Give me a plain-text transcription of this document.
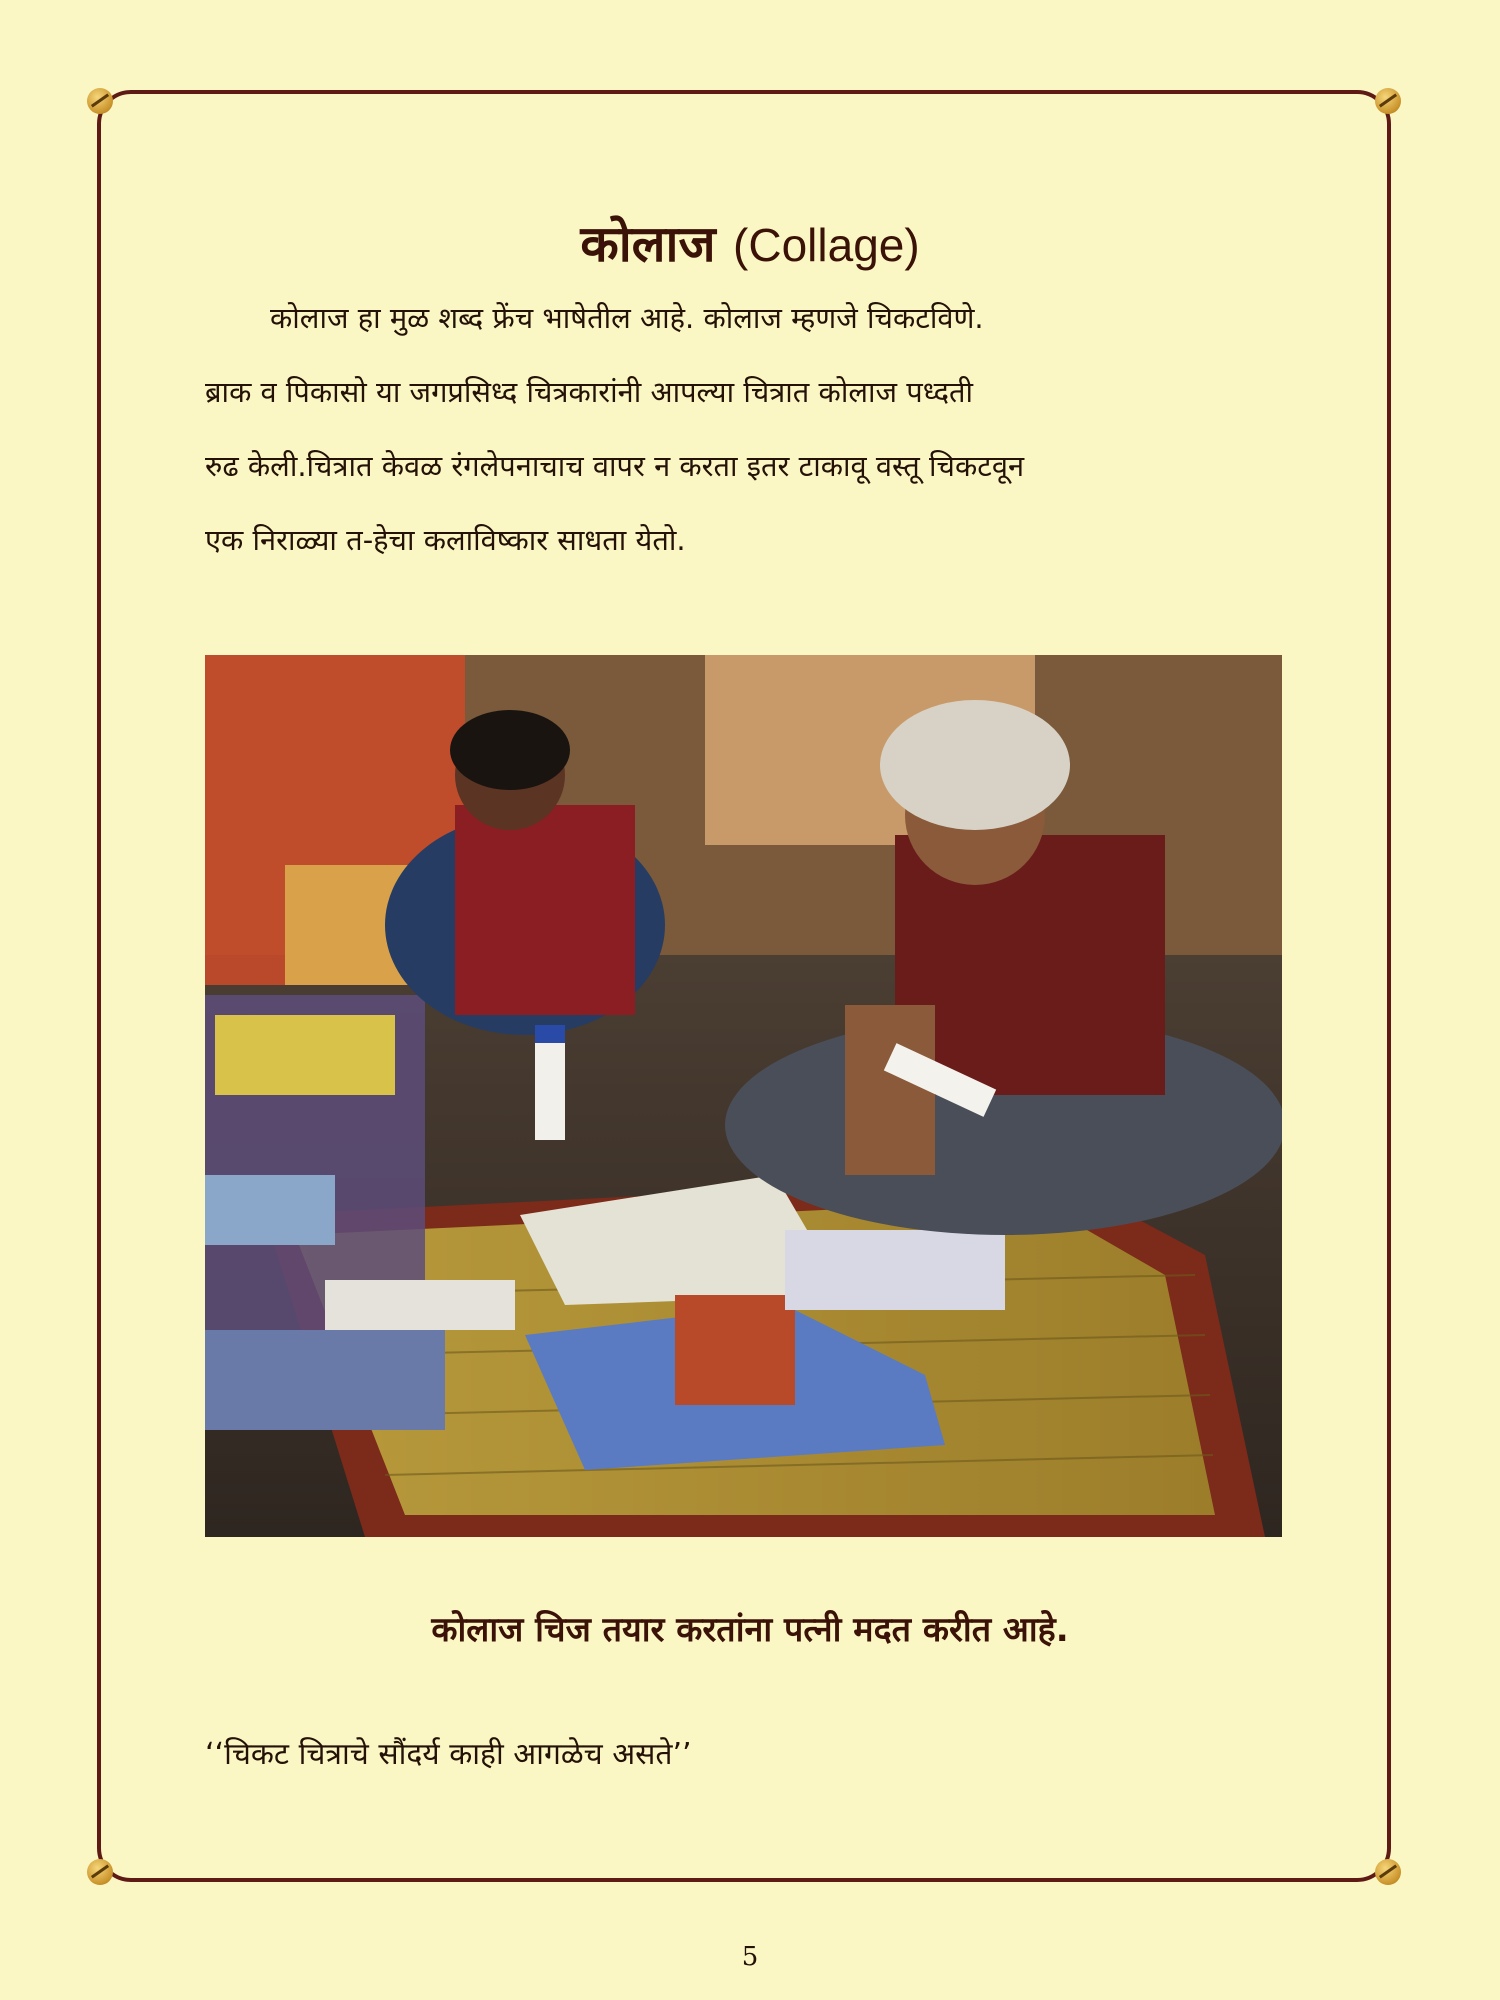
कोलाज (Collage)
कोलाज हा मुळ शब्द फ्रेंच भाषेतील आहे. कोलाज म्हणजे चिकटविणे.
ब्राक व पिकासो या जगप्रसिध्द चित्रकारांनी आपल्या चित्रात कोलाज पध्दती
रुढ केली.चित्रात केवळ रंगलेपनाचाच वापर न करता इतर टाकावू वस्तू चिकटवून
एक निराळ्या त-हेचा कलाविष्कार साधता येतो.
कोलाज चिज तयार करतांना पत्नी मदत करीत आहे.
‘‘चिकट चित्राचे सौंदर्य काही आगळेच असते’’
5
